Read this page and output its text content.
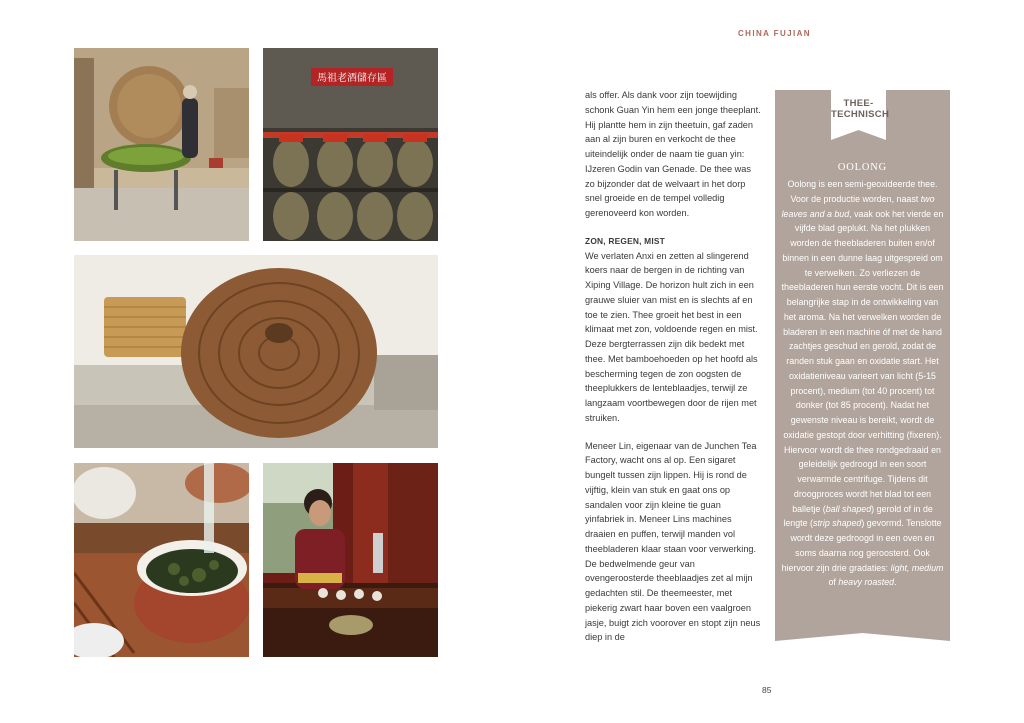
CHINA FUJIAN
馬祖老酒儲存區

als offer. Als dank voor zijn toewijding schonk Guan Yin hem een jonge theeplant. Hij plantte hem in zijn theetuin, gaf zaden aan al zijn buren en verkocht de thee uiteindelijk onder de naam tie guan yin: IJzeren Godin van Genade. De thee was zo bijzonder dat de welvaart in het dorp snel groeide en de tempel volledig gerenoveerd kon worden.

ZON, REGEN, MIST

We verlaten Anxi en zetten al slingerend koers naar de bergen in de richting van Xiping Village. De horizon hult zich in een grauwe sluier van mist en is slechts af en toe te zien. Thee groeit het best in een klimaat met zon, voldoende regen en mist. Deze bergterrassen zijn dik bedekt met thee. Met bamboehoeden op het hoofd als bescherming tegen de zon oogsten de theeplukkers de lenteblaadjes, terwijl ze langzaam voortbewegen door de rijen met struiken.

Meneer Lin, eigenaar van de Junchen Tea Factory, wacht ons al op. Een sigaret bungelt tussen zijn lippen. Hij is rond de vijftig, klein van stuk en gaat ons op sandalen voor zijn kleine tie guan yinfabriek in. Meneer Lins machines draaien en puffen, terwijl manden vol theebladeren klaar staan voor verwerking. De bedwelmende geur van ovengeroosterde theeblaadjes zet al mijn gedachten stil. De theemeester, met piekerig zwart haar boven een vaalgroen jasje, buigt zich voorover en stopt zijn neus diep in de

THEE-
TECHNISCH
OOLONG
Oolong is een semi-geoxideerde thee. Voor de productie worden, naast two leaves and a bud, vaak ook het vierde en vijfde blad geplukt. Na het plukken worden de theebladeren buiten en/of binnen in een dunne laag uitgespreid om te verwelken. Zo verliezen de theebladeren hun eerste vocht. Dit is een belangrijke stap in de ontwikkeling van het aroma. Na het verwelken worden de bladeren in een machine óf met de hand zachtjes geschud en gerold, zodat de randen stuk gaan en oxidatie start. Het oxidatieniveau varieert van licht (5-15 procent), medium (tot 40 procent) tot donker (tot 85 procent). Nadat het gewenste niveau is bereikt, wordt de oxidatie gestopt door verhitting (fixeren). Hiervoor wordt de thee rondgedraaid en geleidelijk gedroogd in een soort verwarmde centrifuge. Tijdens dit droogproces wordt het blad tot een balletje (ball shaped) gerold of in de lengte (strip shaped) gevormd. Tenslotte wordt deze gedroogd in een oven en soms daarna nog geroosterd. Ook hiervoor zijn drie gradaties: light, medium of heavy roasted.
85
